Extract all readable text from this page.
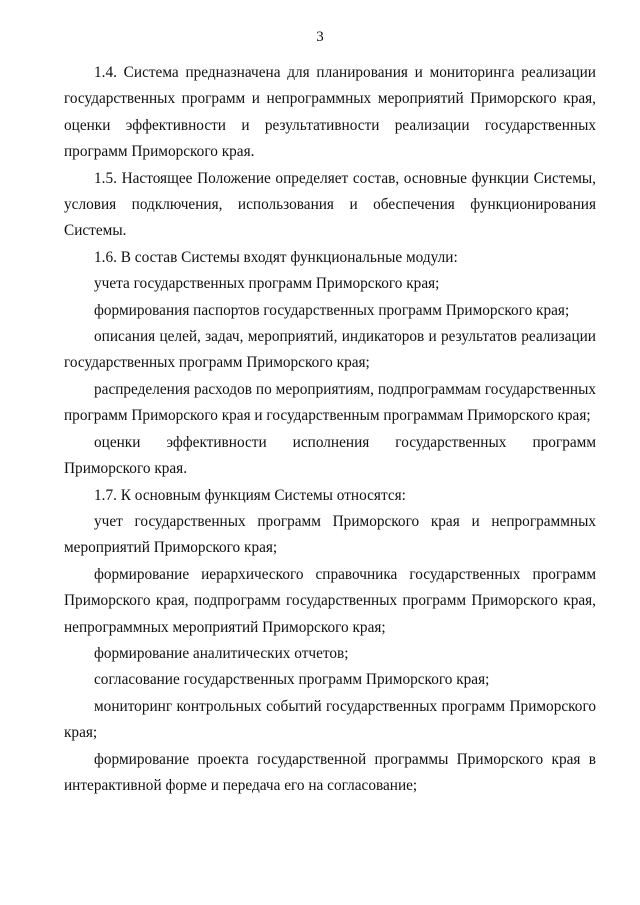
3

1.4. Система предназначена для планирования и мониторинга реализации государственных программ и непрограммных мероприятий Приморского края, оценки эффективности и результативности реализации государственных программ Приморского края.

1.5. Настоящее Положение определяет состав, основные функции Системы, условия подключения, использования и обеспечения функционирования Системы.

1.6. В состав Системы входят функциональные модули:

учета государственных программ Приморского края;

формирования паспортов государственных программ Приморского края;

описания целей, задач, мероприятий, индикаторов и результатов реализации государственных программ Приморского края;

распределения расходов по мероприятиям, подпрограммам государственных программ Приморского края и государственным программам Приморского края;

оценки эффективности исполнения государственных программ Приморского края.

1.7. К основным функциям Системы относятся:

учет государственных программ Приморского края и непрограммных мероприятий Приморского края;

формирование иерархического справочника государственных программ Приморского края, подпрограмм государственных программ Приморского края, непрограммных мероприятий Приморского края;

формирование аналитических отчетов;

согласование государственных программ Приморского края;

мониторинг контрольных событий государственных программ Приморского края;

формирование проекта государственной программы Приморского края в интерактивной форме и передача его на согласование;
